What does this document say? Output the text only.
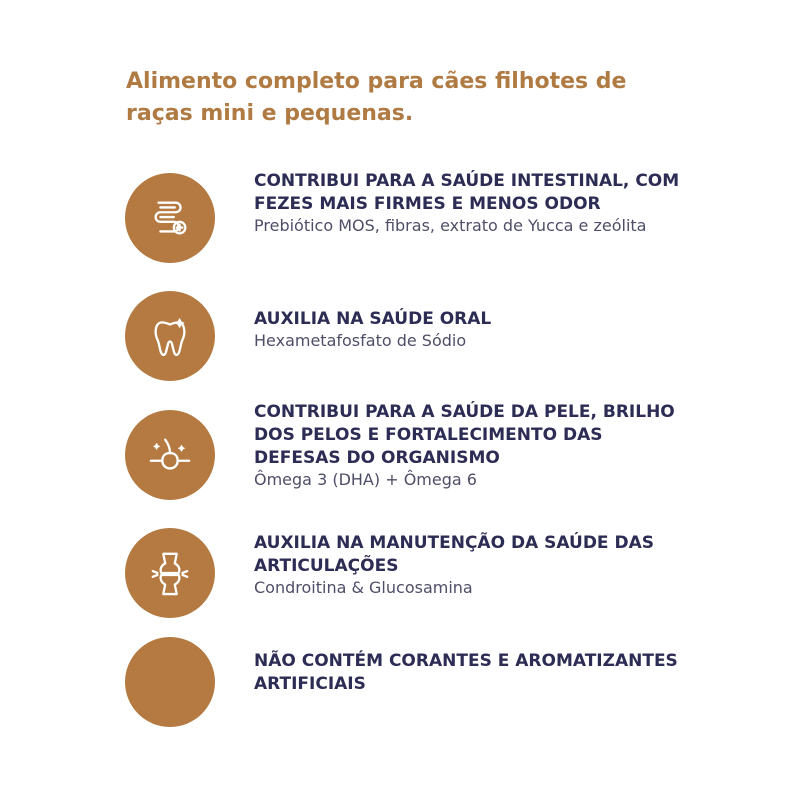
Alimento completo para cães filhotes de raças mini e pequenas.

CONTRIBUI PARA A SAÚDE INTESTINAL, COM FEZES MAIS FIRMES E MENOS ODOR

Prebiótico MOS, fibras, extrato de Yucca e zeólita

AUXILIA NA SAÚDE ORAL

Hexametafosfato de Sódio

CONTRIBUI PARA A SAÚDE DA PELE, BRILHO DOS PELOS E FORTALECIMENTO DAS DEFESAS DO ORGANISMO

Ômega 3 (DHA) + Ômega 6

AUXILIA NA MANUTENÇÃO DA SAÚDE DAS ARTICULAÇÕES

Condroitina & Glucosamina

NÃO CONTÉM CORANTES E AROMATIZANTES ARTIFICIAIS
